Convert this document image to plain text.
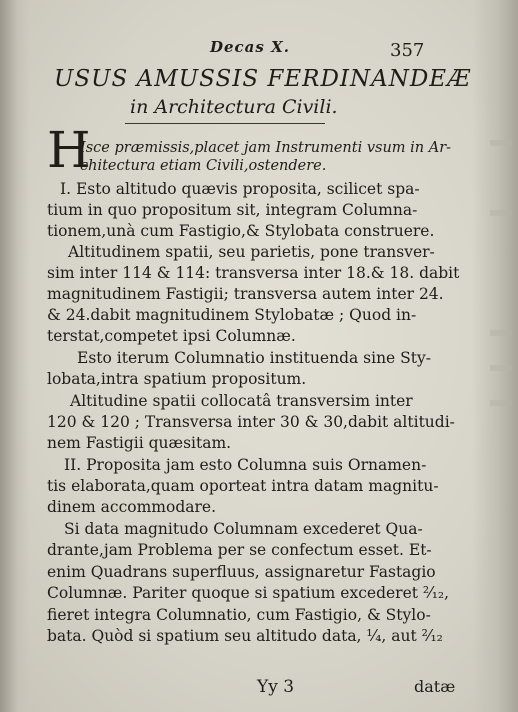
Decas X.	357
USUS AMUSSIS FERDINANDEÆ
in Architectura Civili.
H
Isce præmissis,placet jam Instrumenti vsum in Ar-
chitectura etiam Civili,ostendere.
I. Esto altitudo quævis proposita, scilicet spa-
tium in quo propositum sit, integram Columna-
tionem,unà cum Fastigio,& Stylobata construere.
Altitudinem spatii, seu parietis, pone transver-
sim inter 114 & 114: transversa inter 18.& 18. dabit
magnitudinem Fastigii; transversa autem inter 24.
& 24.dabit magnitudinem Stylobatæ ; Quod in-
terstat,competet ipsi Columnæ.
Esto iterum Columnatio instituenda sine Sty-
lobata,intra spatium propositum.
Altitudine spatii collocatâ transversim inter
120 & 120 ; Transversa inter 30 & 30,dabit altitudi-
nem Fastigii quæsitam.
II. Proposita jam esto Columna suis Ornamen-
tis elaborata,quam oporteat intra datam magnitu-
dinem accommodare.
Si data magnitudo Columnam excederet Qua-
drante,jam Problema per se confectum esset. Et-
enim Quadrans superfluus, assignaretur Fastagio
Columnæ. Pariter quoque si spatium excederet ²⁄₁₂,
fieret integra Columnatio, cum Fastigio, & Stylo-
bata. Quòd si spatium seu altitudo data, ¹⁄₄, aut ²⁄₁₂
Yy 3	datæ
